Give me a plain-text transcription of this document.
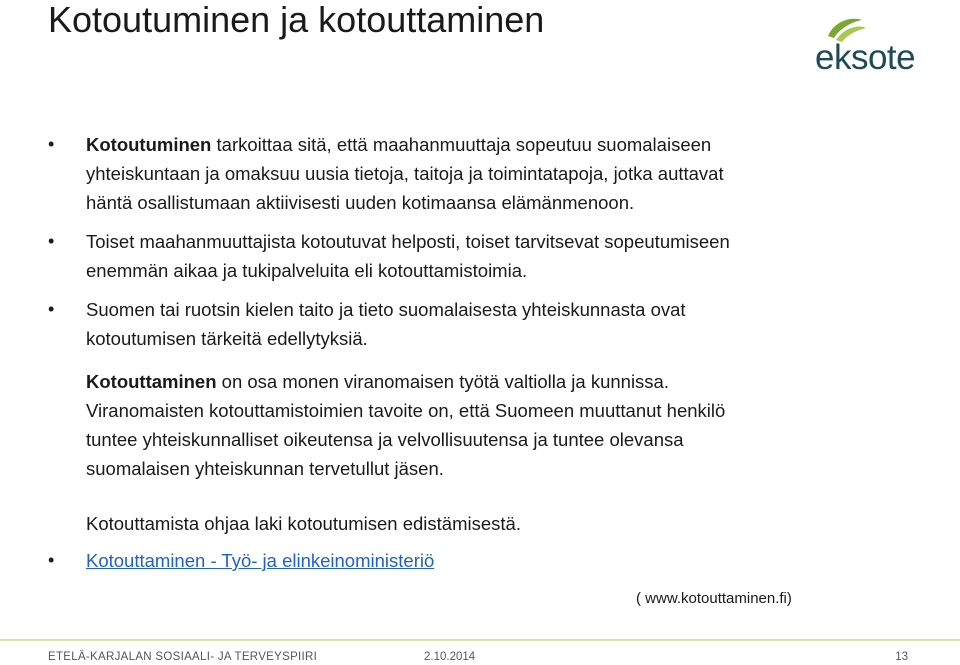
Kotoutuminen ja kotouttaminen
eksote

• Kotoutuminen tarkoittaa sitä, että maahanmuuttaja sopeutuu suomalaiseen
yhteiskuntaan ja omaksuu uusia tietoja, taitoja ja toimintatapoja, jotka auttavat
häntä osallistumaan aktiivisesti uuden kotimaansa elämänmenoon.

• Toiset maahanmuuttajista kotoutuvat helposti, toiset tarvitsevat sopeutumiseen
enemmän aikaa ja tukipalveluita eli kotouttamistoimia.

• Suomen tai ruotsin kielen taito ja tieto suomalaisesta yhteiskunnasta ovat
kotoutumisen tärkeitä edellytyksiä.

Kotouttaminen on osa monen viranomaisen työtä valtiolla ja kunnissa.
Viranomaisten kotouttamistoimien tavoite on, että Suomeen muuttanut henkilö
tuntee yhteiskunnalliset oikeutensa ja velvollisuutensa ja tuntee olevansa
suomalaisen yhteiskunnan tervetullut jäsen.

Kotouttamista ohjaa laki kotoutumisen edistämisestä.

• Kotouttaminen - Työ- ja elinkeinoministeriö

( www.kotouttaminen.fi)
ETELÄ-KARJALAN SOSIAALI- JA TERVEYSPIIRI	2.10.2014	13
